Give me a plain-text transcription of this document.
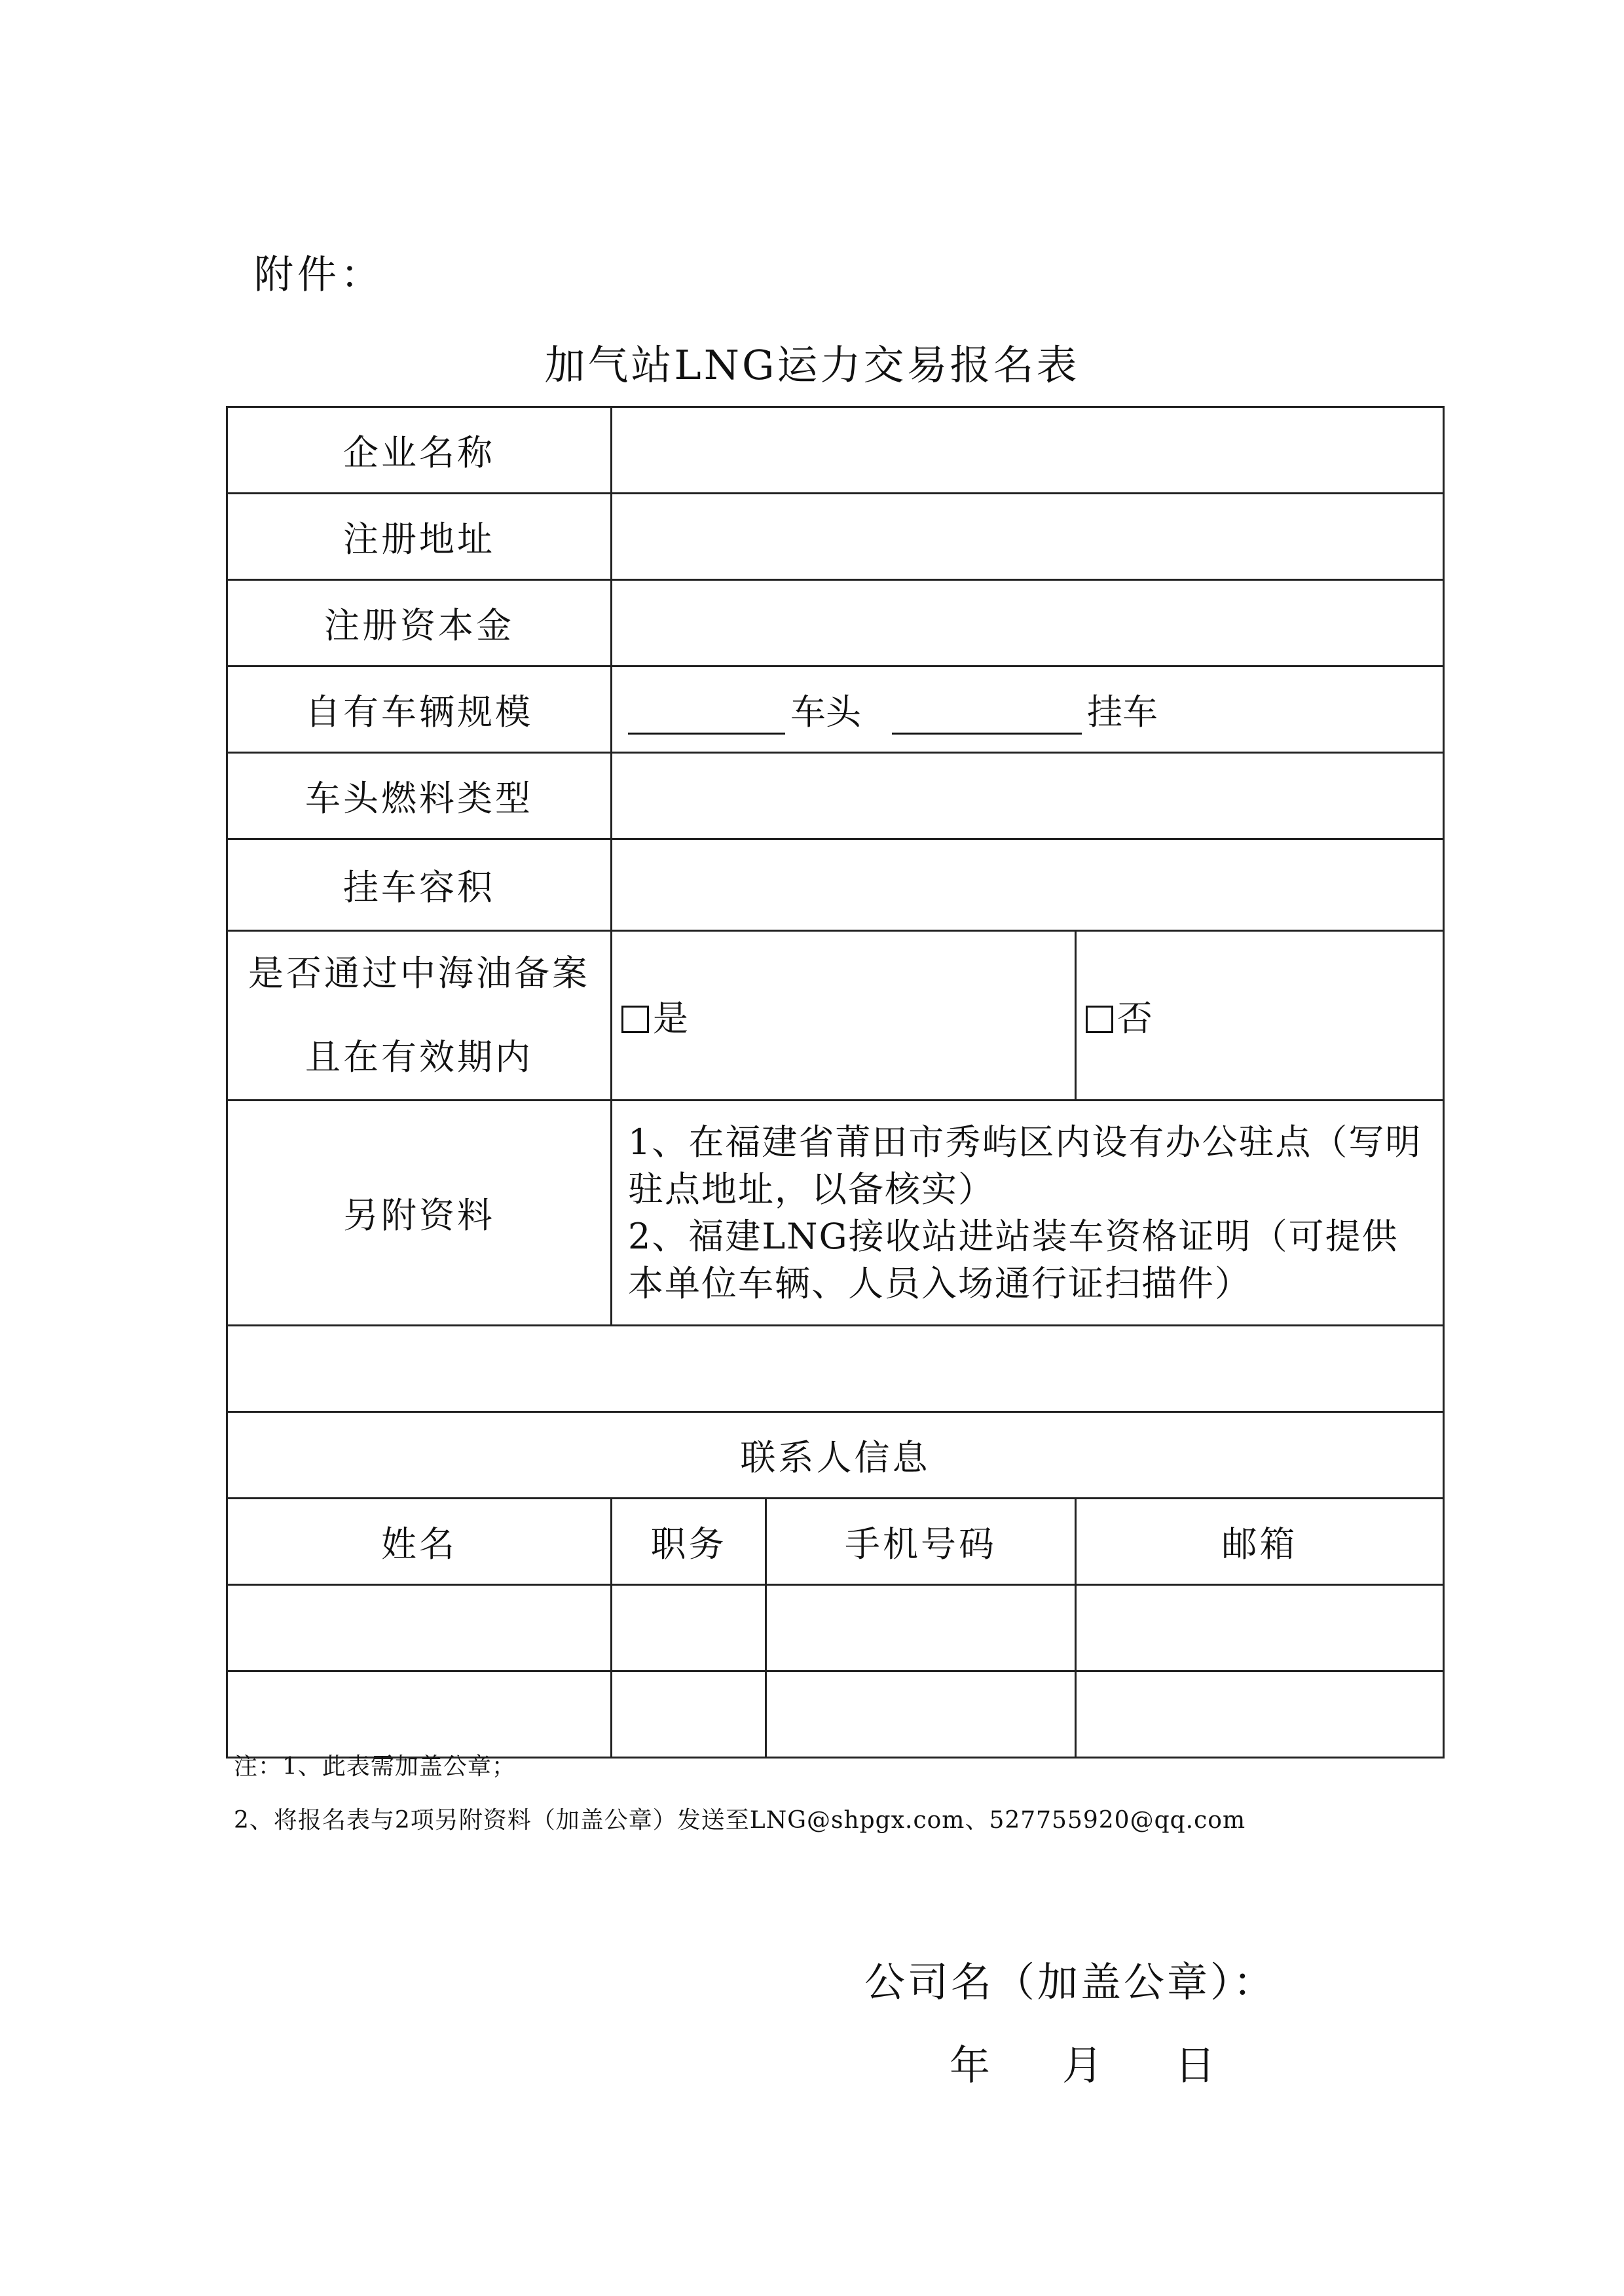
附件：
加气站LNG运力交易报名表
企业名称			
注册地址			
注册资本金			
自有车辆规模	车头 挂车		
车头燃料类型			
挂车容积			

是否通过中海油备案
且在有效期内	是		否
另附资料	1、在福建省莆田市秀屿区内设有办公驻点（写明驻点地址，以备核实）
2、福建LNG接收站进站装车资格证明（可提供本单位车辆、人员入场通行证扫描件）		

联系人信息			
姓名	职务	手机号码	邮箱

注：1、此表需加盖公章；
2、将报名表与2项另附资料（加盖公章）发送至LNG@shpgx.com、527755920@qq.com
公司名（加盖公章）：
年 月 日
